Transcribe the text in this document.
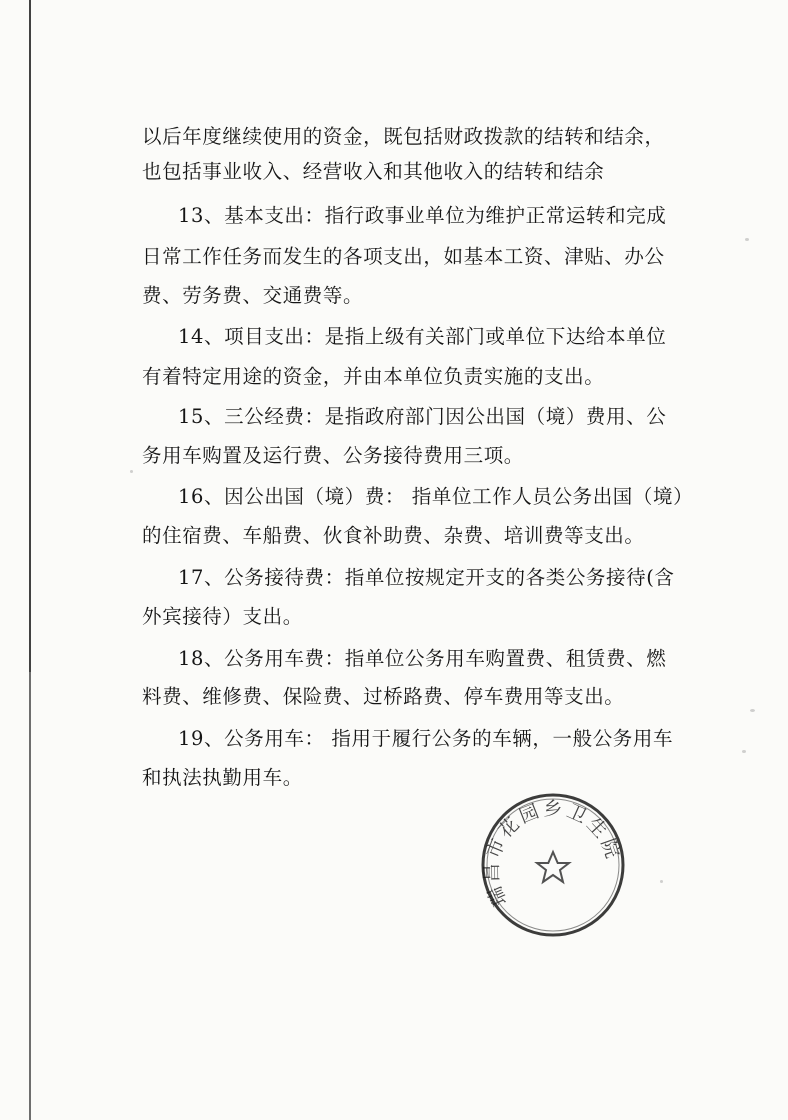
以后年度继续使用的资金，既包括财政拨款的结转和结余，
也包括事业收入、经营收入和其他收入的结转和结余
13、基本支出：指行政事业单位为维护正常运转和完成
日常工作任务而发生的各项支出，如基本工资、津贴、办公
费、劳务费、交通费等。
14、项目支出：是指上级有关部门或单位下达给本单位
有着特定用途的资金，并由本单位负责实施的支出。
15、三公经费：是指政府部门因公出国（境）费用、公
务用车购置及运行费、公务接待费用三项。
16、因公出国（境）费： 指单位工作人员公务出国（境）
的住宿费、车船费、伙食补助费、杂费、培训费等支出。
17、公务接待费：指单位按规定开支的各类公务接待(含
外宾接待）支出。
18、公务用车费：指单位公务用车购置费、租赁费、燃
料费、维修费、保险费、过桥路费、停车费用等支出。
19、公务用车： 指用于履行公务的车辆，一般公务用车
和执法执勤用车。
瑞昌市花园乡卫生院
